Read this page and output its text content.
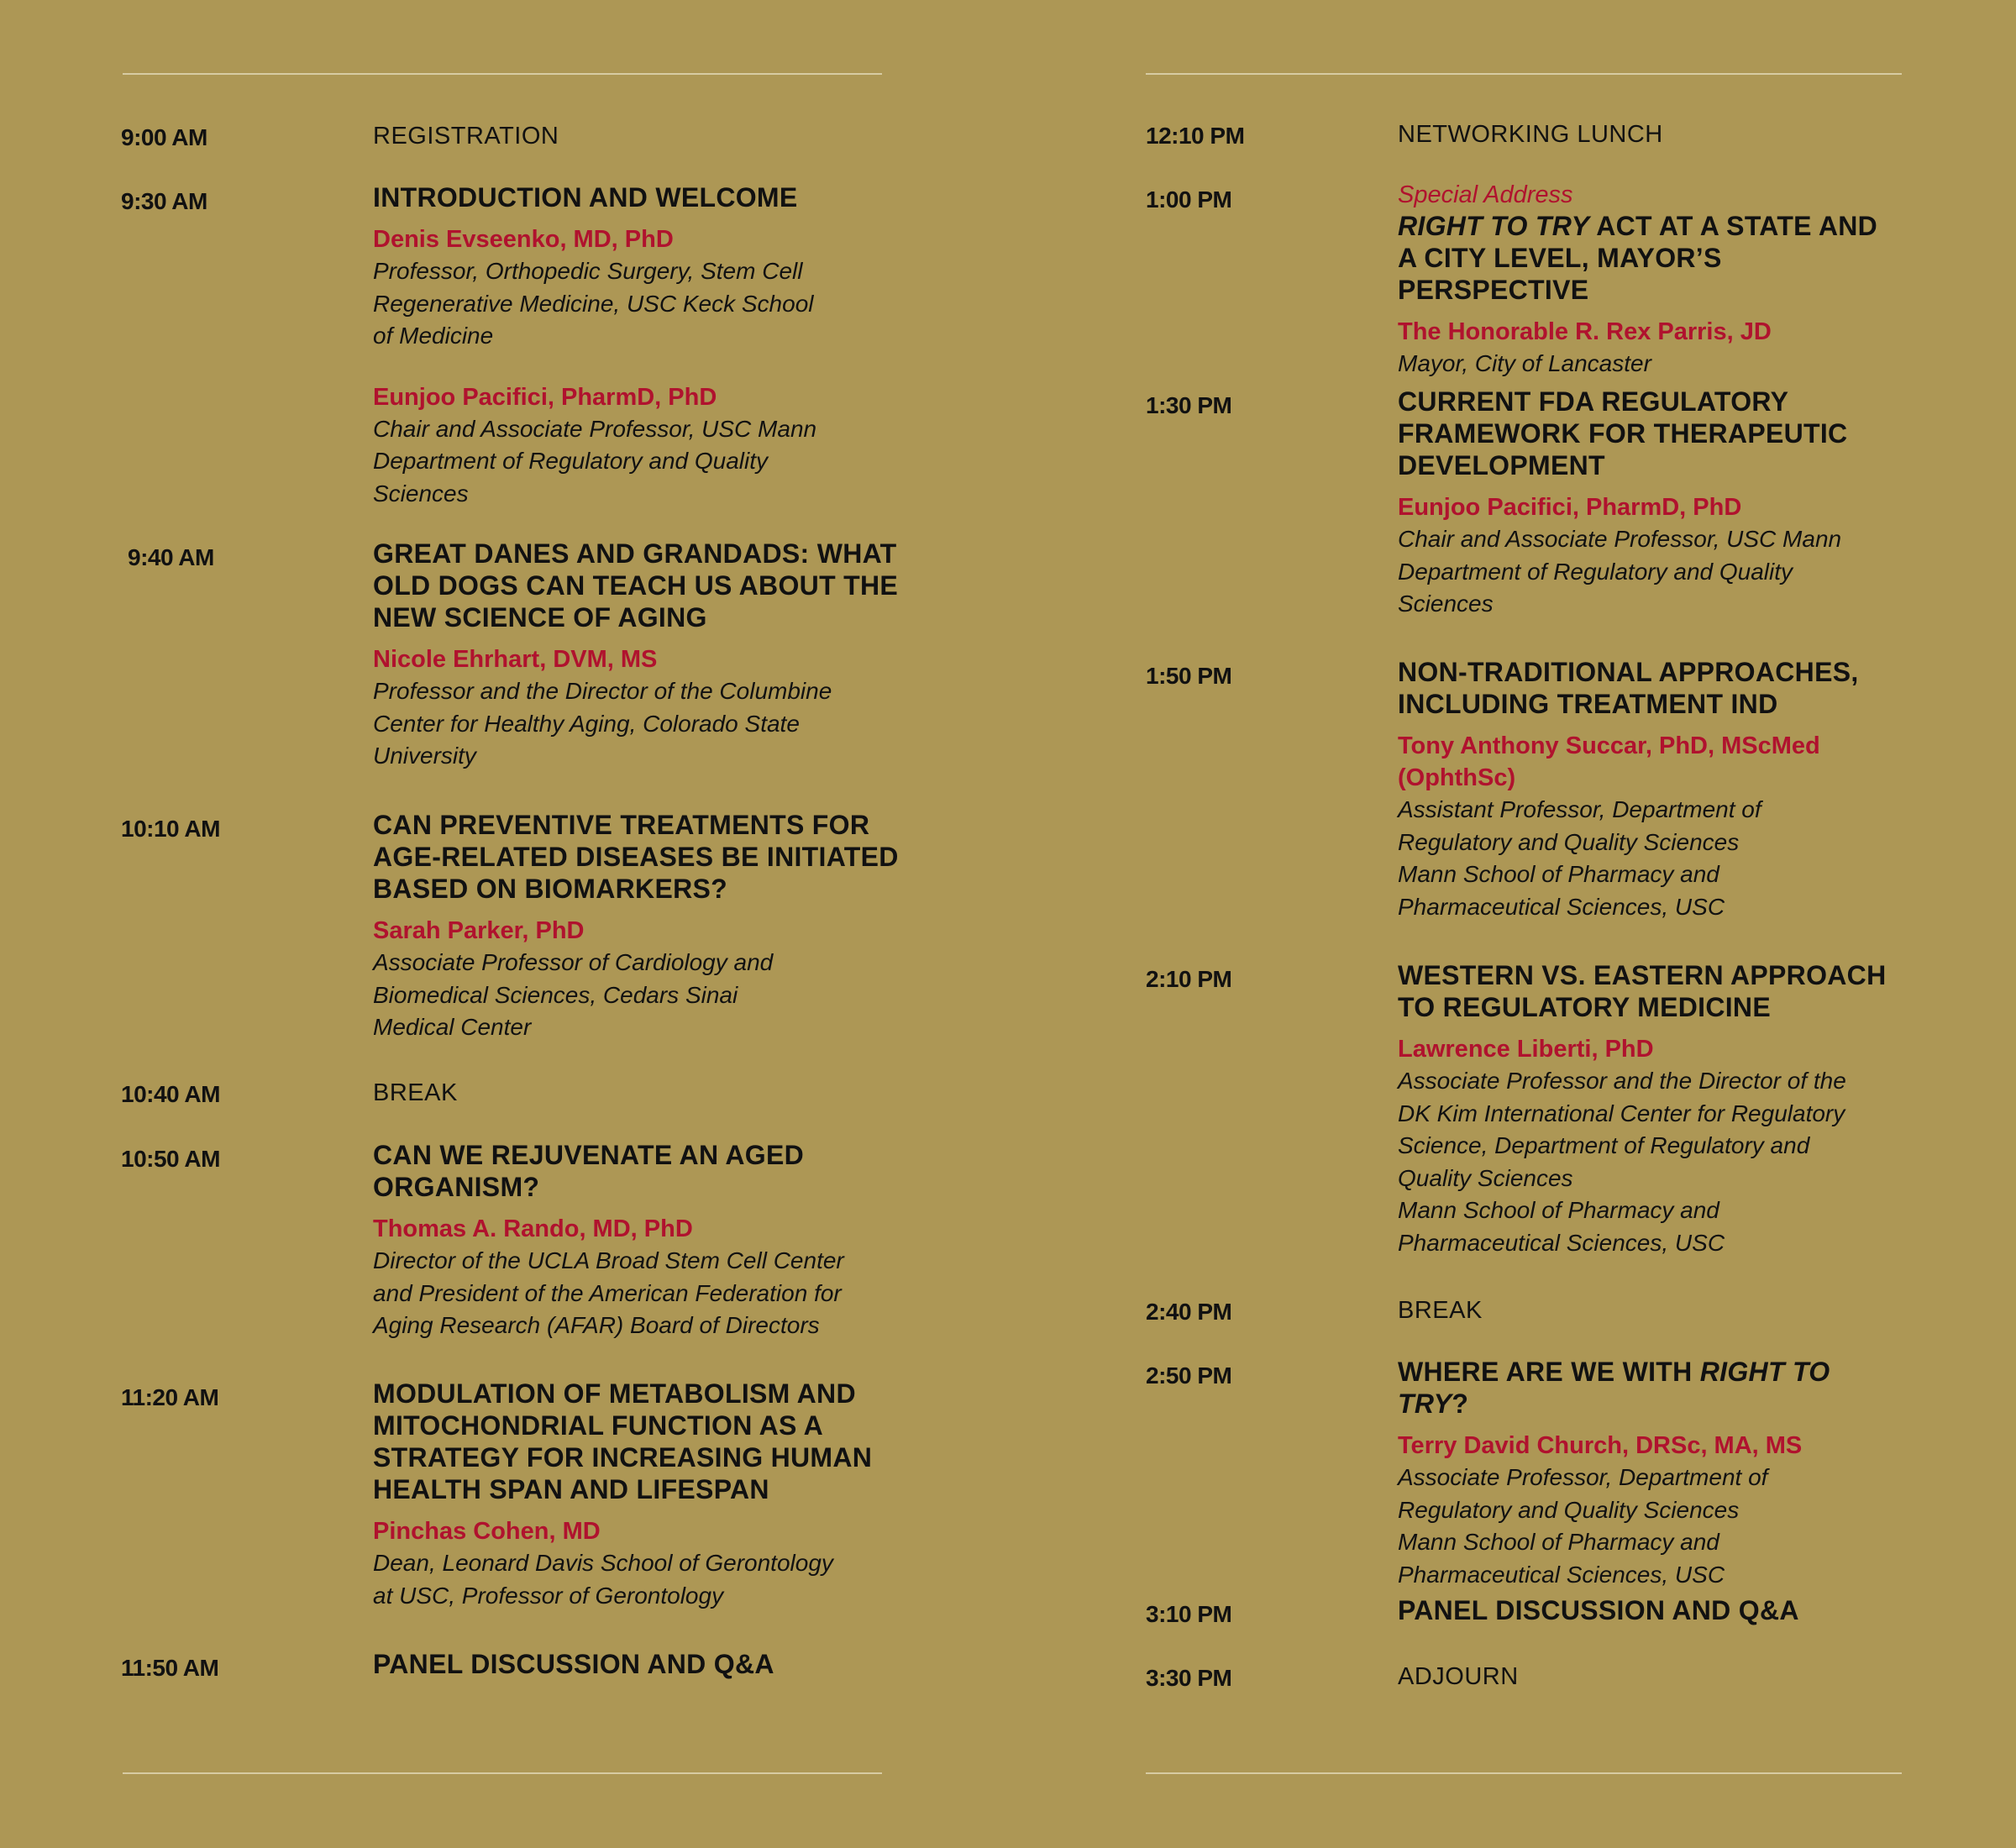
9:00 AM	REGISTRATION
9:30 AM	INTRODUCTION AND WELCOME
Denis Evseenko, MD, PhD
Professor, Orthopedic Surgery, Stem Cell
Regenerative Medicine, USC Keck School
of Medicine
Eunjoo Pacifici, PharmD, PhD
Chair and Associate Professor, USC Mann
Department of Regulatory and Quality
Sciences
9:40 AM	GREAT DANES AND GRANDADS: WHAT OLD DOGS CAN TEACH US ABOUT THE NEW SCIENCE OF AGING
Nicole Ehrhart, DVM, MS
Professor and the Director of the Columbine
Center for Healthy Aging, Colorado State
University
10:10 AM	CAN PREVENTIVE TREATMENTS FOR AGE-RELATED DISEASES BE INITIATED BASED ON BIOMARKERS?
Sarah Parker, PhD
Associate Professor of Cardiology and
Biomedical Sciences, Cedars Sinai
Medical Center
10:40 AM	BREAK
10:50 AM	CAN WE REJUVENATE AN AGED ORGANISM?
Thomas A. Rando, MD, PhD
Director of the UCLA Broad Stem Cell Center
and President of the American Federation for
Aging Research (AFAR) Board of Directors
11:20 AM	MODULATION OF METABOLISM AND MITOCHONDRIAL FUNCTION AS A STRATEGY FOR INCREASING HUMAN HEALTH SPAN AND LIFESPAN
Pinchas Cohen, MD
Dean, Leonard Davis School of Gerontology
at USC, Professor of Gerontology
11:50 AM	PANEL DISCUSSION AND Q&A
12:10 PM	NETWORKING LUNCH
1:00 PM	Special Address
RIGHT TO TRY ACT AT A STATE AND A CITY LEVEL, MAYOR’S PERSPECTIVE
The Honorable R. Rex Parris, JD
Mayor, City of Lancaster
1:30 PM	CURRENT FDA REGULATORY FRAMEWORK FOR THERAPEUTIC DEVELOPMENT
Eunjoo Pacifici, PharmD, PhD
Chair and Associate Professor, USC Mann
Department of Regulatory and Quality
Sciences
1:50 PM	NON-TRADITIONAL APPROACHES, INCLUDING TREATMENT IND
Tony Anthony Succar, PhD, MScMed (OphthSc)
Assistant Professor, Department of
Regulatory and Quality Sciences
Mann School of Pharmacy and
Pharmaceutical Sciences, USC
2:10 PM	WESTERN VS. EASTERN APPROACH TO REGULATORY MEDICINE
Lawrence Liberti, PhD
Associate Professor and the Director of the
DK Kim International Center for Regulatory
Science, Department of Regulatory and
Quality Sciences
Mann School of Pharmacy and
Pharmaceutical Sciences, USC
2:40 PM	BREAK
2:50 PM	WHERE ARE WE WITH RIGHT TO TRY?
Terry David Church, DRSc, MA, MS
Associate Professor, Department of
Regulatory and Quality Sciences
Mann School of Pharmacy and
Pharmaceutical Sciences, USC
3:10 PM	PANEL DISCUSSION AND Q&A
3:30 PM	ADJOURN
